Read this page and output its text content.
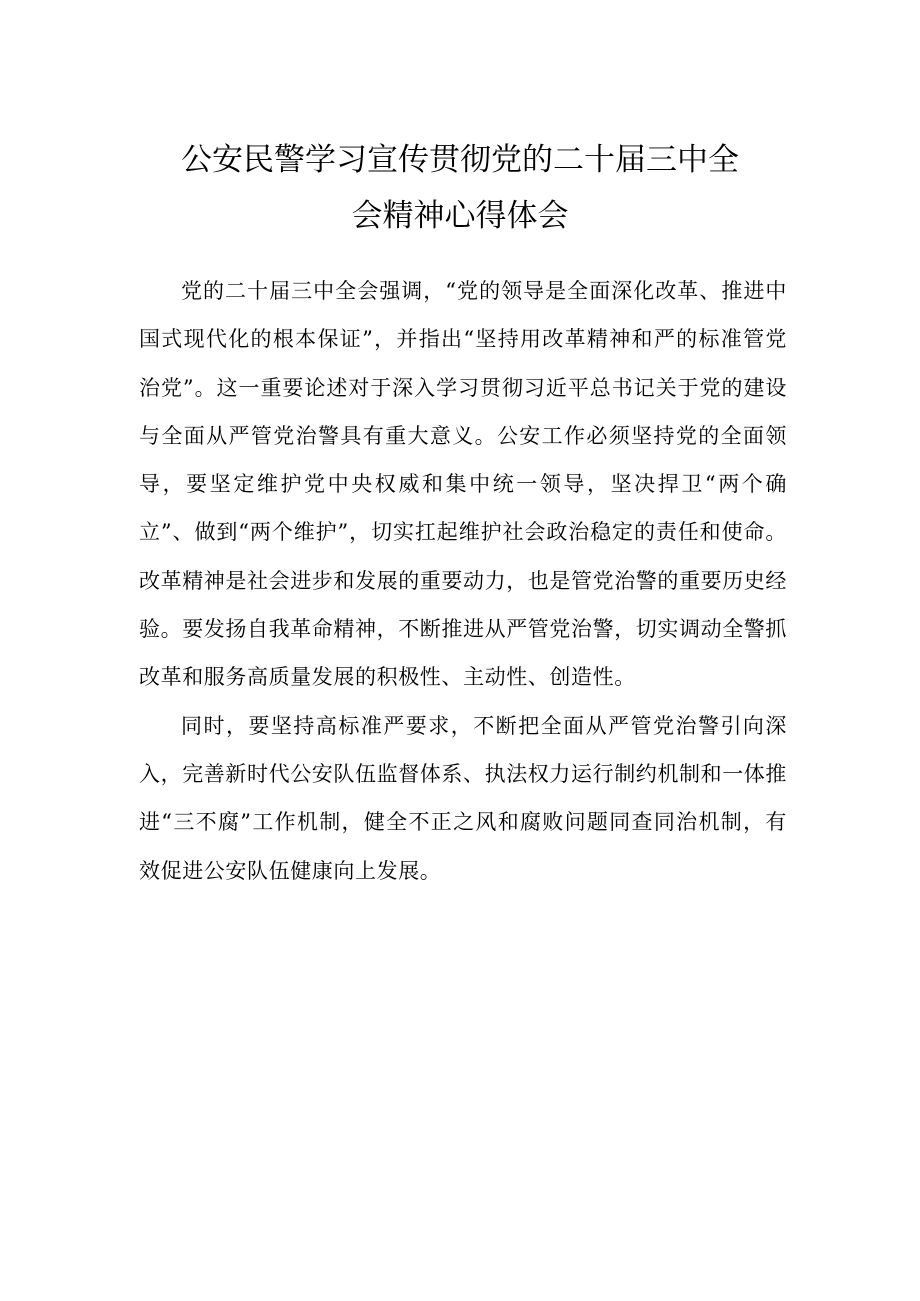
公安民警学习宣传贯彻党的二十届三中全
会精神心得体会

党的二十届三中全会强调，“党的领导是全面深化改革、推进中国式现代化的根本保证”，并指出“坚持用改革精神和严的标准管党治党”。这一重要论述对于深入学习贯彻习近平总书记关于党的建设与全面从严管党治警具有重大意义。公安工作必须坚持党的全面领导，要坚定维护党中央权威和集中统一领导，坚决捍卫“两个确立”、做到“两个维护”，切实扛起维护社会政治稳定的责任和使命。改革精神是社会进步和发展的重要动力，也是管党治警的重要历史经验。要发扬自我革命精神，不断推进从严管党治警，切实调动全警抓改革和服务高质量发展的积极性、主动性、创造性。

同时，要坚持高标准严要求，不断把全面从严管党治警引向深入，完善新时代公安队伍监督体系、执法权力运行制约机制和一体推进“三不腐”工作机制，健全不正之风和腐败问题同查同治机制，有效促进公安队伍健康向上发展。
